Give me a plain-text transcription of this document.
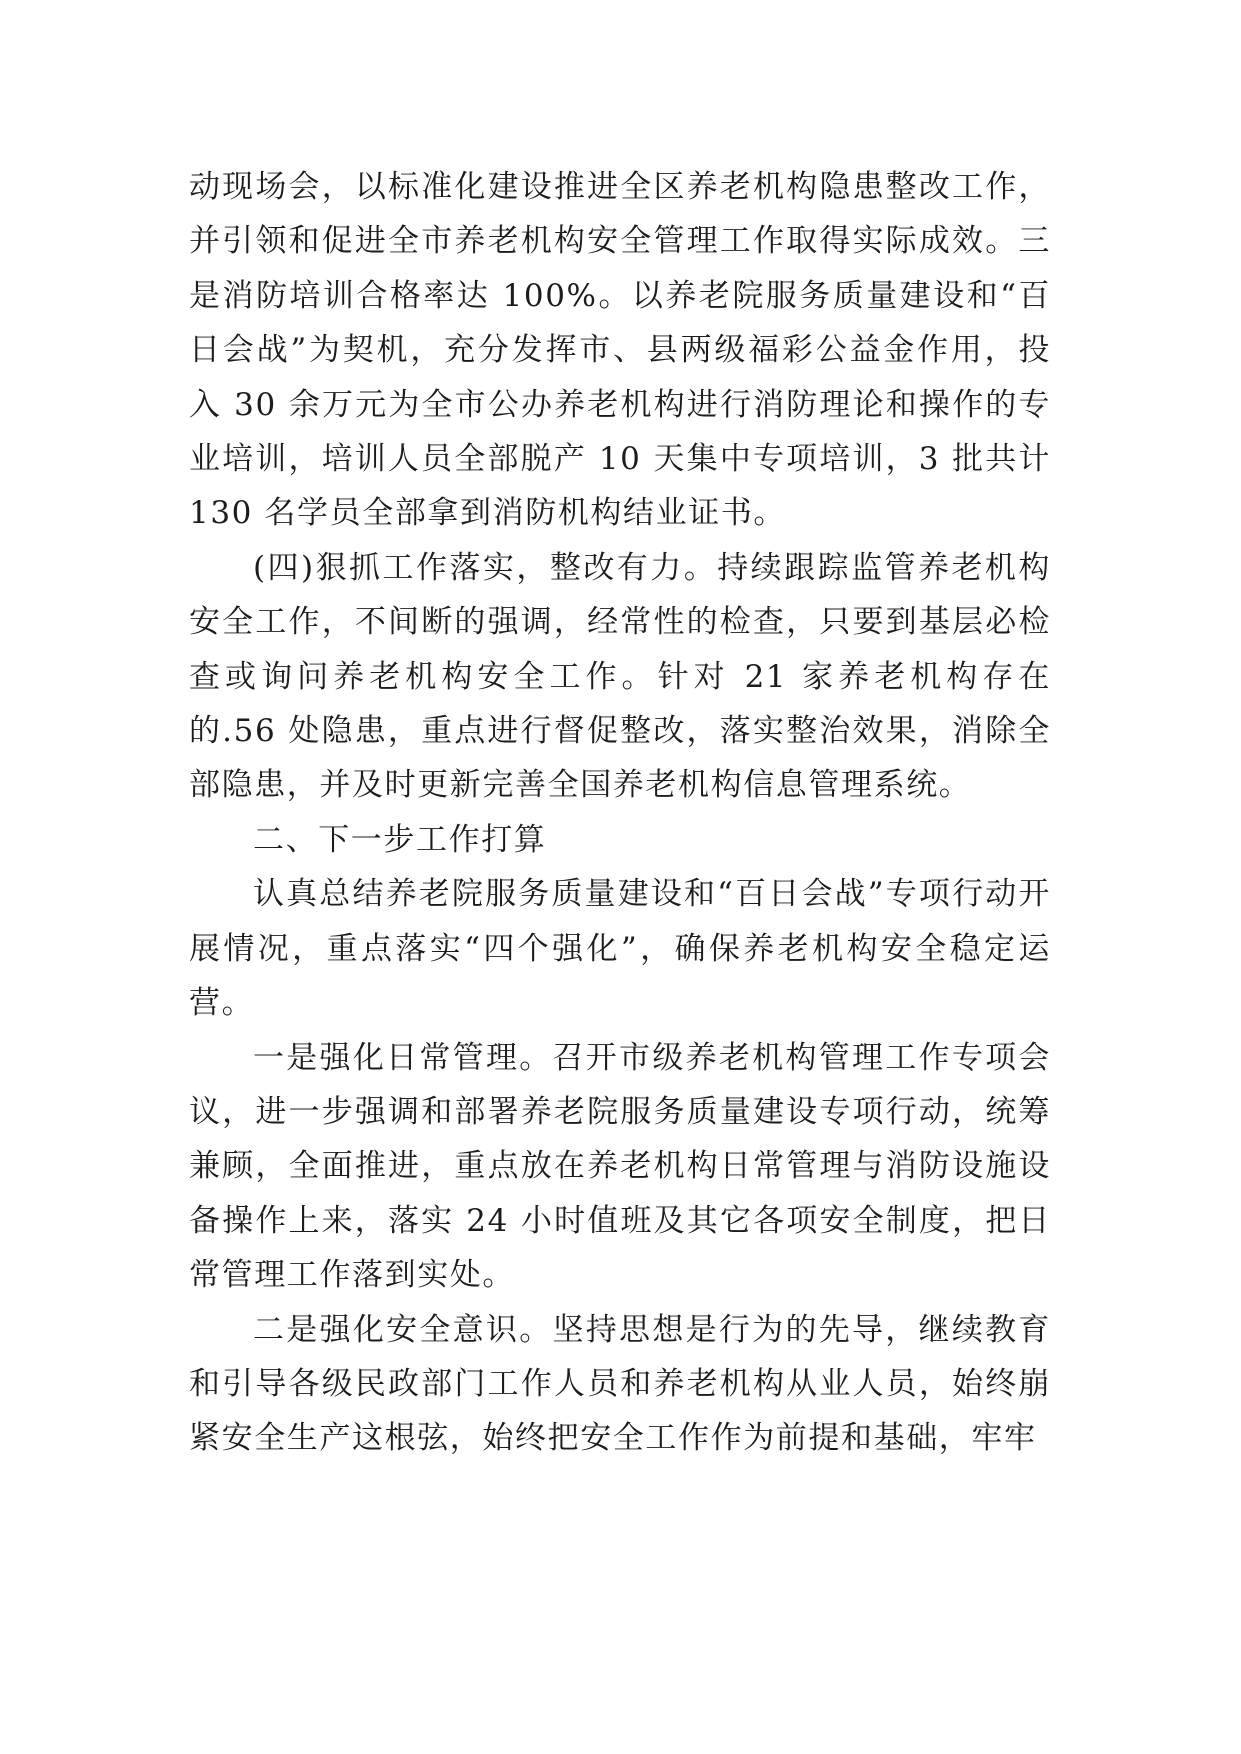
动现场会，以标准化建设推进全区养老机构隐患整改工作，并引领和促进全市养老机构安全管理工作取得实际成效。三是消防培训合格率达 100%。以养老院服务质量建设和“百日会战”为契机，充分发挥市、县两级福彩公益金作用，投入 30 余万元为全市公办养老机构进行消防理论和操作的专业培训，培训人员全部脱产 10 天集中专项培训，3 批共计 130 名学员全部拿到消防机构结业证书。

(四)狠抓工作落实，整改有力。持续跟踪监管养老机构安全工作，不间断的强调，经常性的检查，只要到基层必检查或询问养老机构安全工作。针对 21 家养老机构存在的.56 处隐患，重点进行督促整改，落实整治效果，消除全部隐患，并及时更新完善全国养老机构信息管理系统。

二、下一步工作打算

认真总结养老院服务质量建设和“百日会战”专项行动开展情况，重点落实“四个强化”，确保养老机构安全稳定运营。

一是强化日常管理。召开市级养老机构管理工作专项会议，进一步强调和部署养老院服务质量建设专项行动，统筹兼顾，全面推进，重点放在养老机构日常管理与消防设施设备操作上来，落实 24 小时值班及其它各项安全制度，把日常管理工作落到实处。

二是强化安全意识。坚持思想是行为的先导，继续教育和引导各级民政部门工作人员和养老机构从业人员，始终崩紧安全生产这根弦，始终把安全工作作为前提和基础，牢牢
